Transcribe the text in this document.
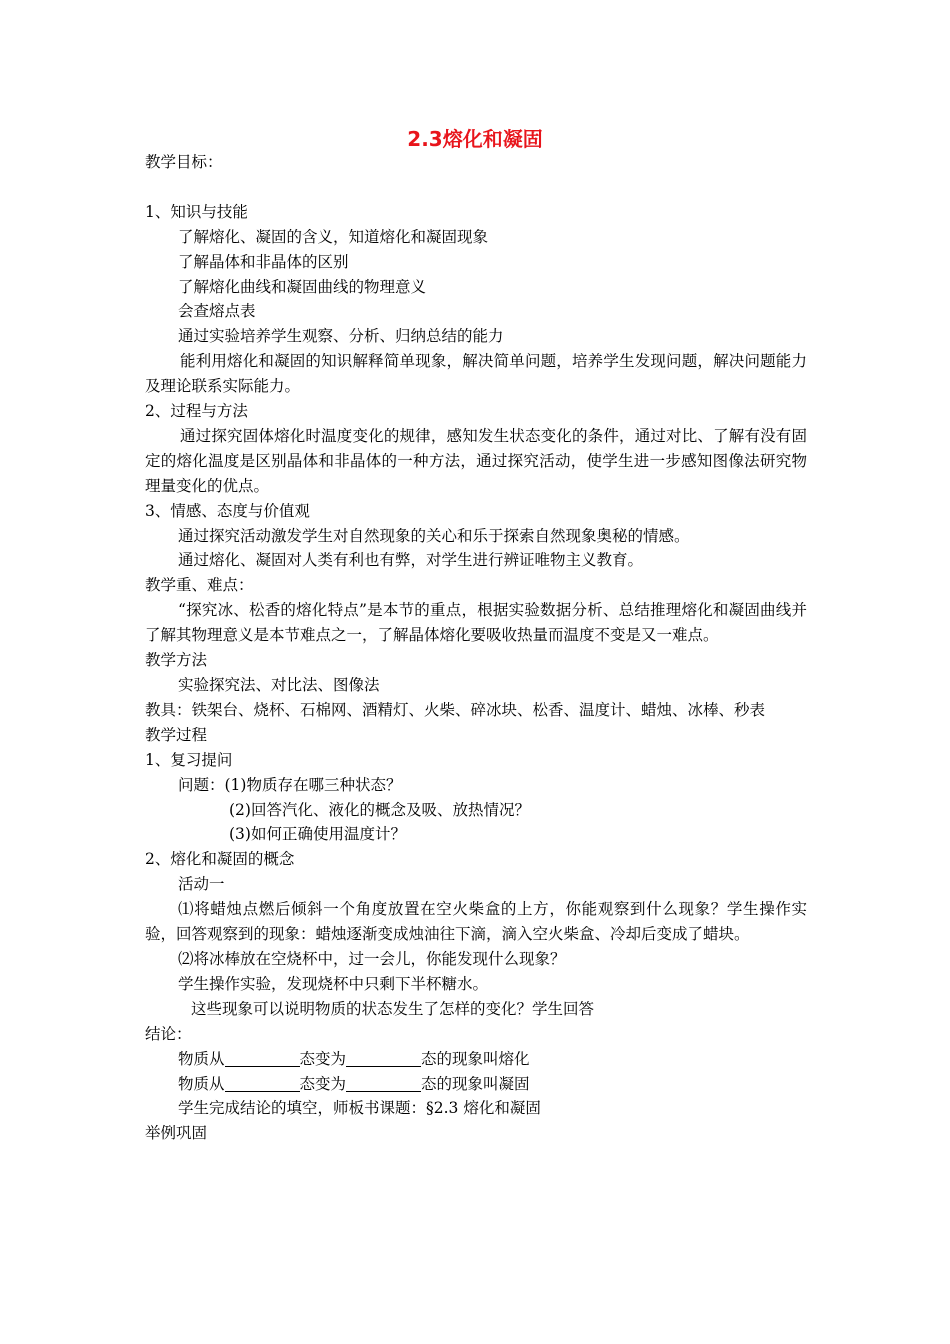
2.3熔化和凝固

教学目标：

1、知识与技能

了解熔化、凝固的含义，知道熔化和凝固现象

了解晶体和非晶体的区别

了解熔化曲线和凝固曲线的物理意义

会查熔点表

通过实验培养学生观察、分析、归纳总结的能力

能利用熔化和凝固的知识解释简单现象，解决简单问题，培养学生发现问题，解决问题能力及理论联系实际能力。

2、过程与方法

通过探究固体熔化时温度变化的规律，感知发生状态变化的条件，通过对比、了解有没有固定的熔化温度是区别晶体和非晶体的一种方法，通过探究活动，使学生进一步感知图像法研究物理量变化的优点。

3、情感、态度与价值观

通过探究活动激发学生对自然现象的关心和乐于探索自然现象奥秘的情感。

通过熔化、凝固对人类有利也有弊，对学生进行辨证唯物主义教育。

教学重、难点：

“探究冰、松香的熔化特点”是本节的重点，根据实验数据分析、总结推理熔化和凝固曲线并了解其物理意义是本节难点之一，了解晶体熔化要吸收热量而温度不变是又一难点。

教学方法

实验探究法、对比法、图像法

教具：铁架台、烧杯、石棉网、酒精灯、火柴、碎冰块、松香、温度计、蜡烛、冰棒、秒表

教学过程

1、复习提问

问题：(1)物质存在哪三种状态？

(2)回答汽化、液化的概念及吸、放热情况？

(3)如何正确使用温度计？

2、熔化和凝固的概念

活动一

⑴将蜡烛点燃后倾斜一个角度放置在空火柴盒的上方，你能观察到什么现象？学生操作实验，回答观察到的现象：蜡烛逐渐变成烛油往下滴，滴入空火柴盒、冷却后变成了蜡块。

⑵将冰棒放在空烧杯中，过一会儿，你能发现什么现象？

学生操作实验，发现烧杯中只剩下半杯糖水。

这些现象可以说明物质的状态发生了怎样的变化？学生回答

结论：

物质从	态变为	态的现象叫熔化

物质从	态变为	态的现象叫凝固

学生完成结论的填空，师板书课题：§2.3 熔化和凝固

举例巩固
